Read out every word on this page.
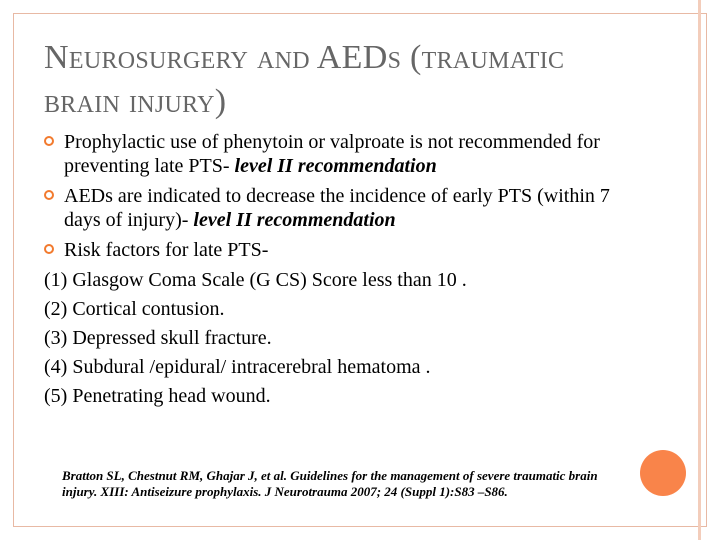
Neurosurgery and AEDs (traumatic brain injury)
Prophylactic use of phenytoin or valproate is not recommended for preventing late PTS- level II recommendation
AEDs are indicated to decrease the incidence of early PTS (within 7 days of injury)- level II recommendation
Risk factors for late PTS-
(1) Glasgow Coma Scale (G CS) Score less than 10 .
(2) Cortical contusion.
(3) Depressed skull fracture.
(4) Subdural /epidural/ intracerebral hematoma .
(5) Penetrating head wound.
Bratton SL, Chestnut RM, Ghajar J, et al. Guidelines for the management of severe traumatic brain injury. XIII: Antiseizure prophylaxis. J Neurotrauma 2007; 24 (Suppl 1):S83 –S86.
